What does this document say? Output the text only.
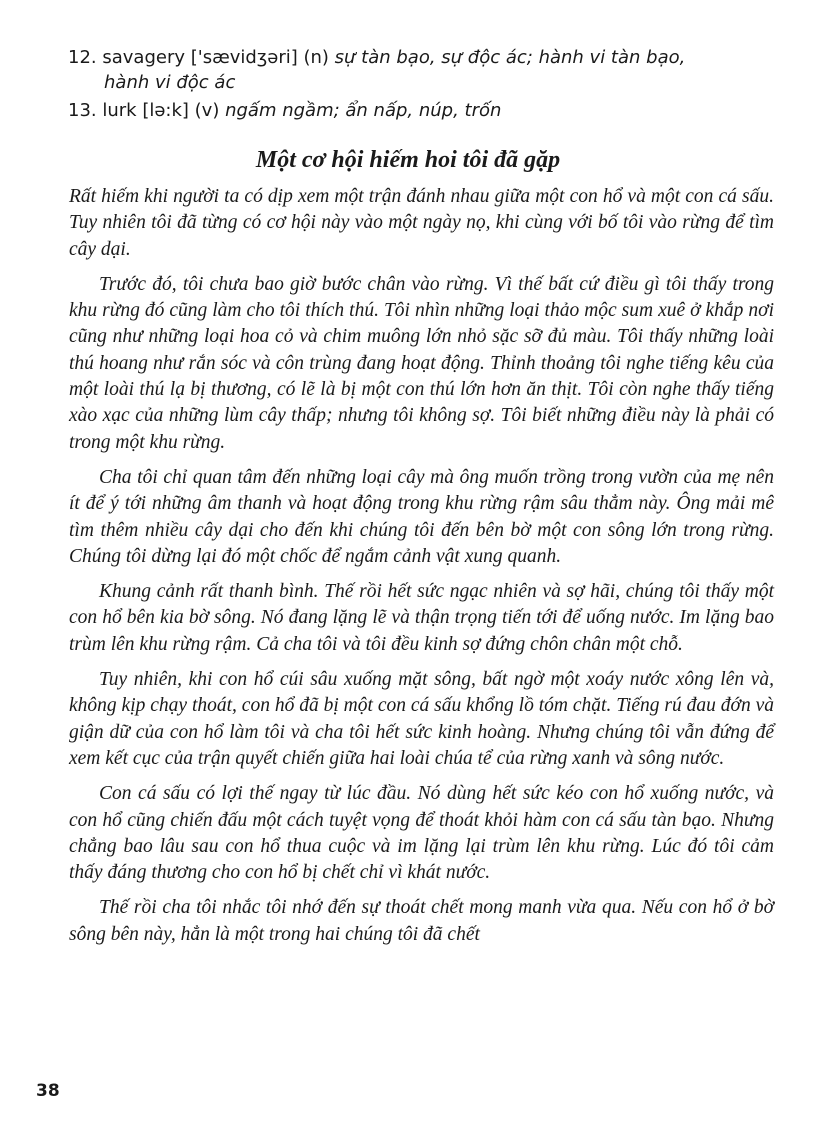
12. savagery ['sævidʒəri] (n) sự tàn bạo, sự độc ác; hành vi tàn bạo,
hành vi độc ác
13. lurk [lə:k] (v) ngấm ngầm; ẩn nấp, núp, trốn
Một cơ hội hiếm hoi tôi đã gặp

Rất hiếm khi người ta có dịp xem một trận đánh nhau giữa một con hổ và một con cá sấu. Tuy nhiên tôi đã từng có cơ hội này vào một ngày nọ, khi cùng với bố tôi vào rừng để tìm cây dại.

Trước đó, tôi chưa bao giờ bước chân vào rừng. Vì thế bất cứ điều gì tôi thấy trong khu rừng đó cũng làm cho tôi thích thú. Tôi nhìn những loại thảo mộc sum xuê ở khắp nơi cũng như những loại hoa cỏ và chim muông lớn nhỏ sặc sỡ đủ màu. Tôi thấy những loài thú hoang như rắn sóc và côn trùng đang hoạt động. Thỉnh thoảng tôi nghe tiếng kêu của một loài thú lạ bị thương, có lẽ là bị một con thú lớn hơn ăn thịt. Tôi còn nghe thấy tiếng xào xạc của những lùm cây thấp; nhưng tôi không sợ. Tôi biết những điều này là phải có trong một khu rừng.

Cha tôi chỉ quan tâm đến những loại cây mà ông muốn trồng trong vườn của mẹ nên ít để ý tới những âm thanh và hoạt động trong khu rừng rậm sâu thẳm này. Ông mải mê tìm thêm nhiều cây dại cho đến khi chúng tôi đến bên bờ một con sông lớn trong rừng. Chúng tôi dừng lại đó một chốc để ngắm cảnh vật xung quanh.

Khung cảnh rất thanh bình. Thế rồi hết sức ngạc nhiên và sợ hãi, chúng tôi thấy một con hổ bên kia bờ sông. Nó đang lặng lẽ và thận trọng tiến tới để uống nước. Im lặng bao trùm lên khu rừng rậm. Cả cha tôi và tôi đều kinh sợ đứng chôn chân một chỗ.

Tuy nhiên, khi con hổ cúi sâu xuống mặt sông, bất ngờ một xoáy nước xông lên và, không kịp chạy thoát, con hổ đã bị một con cá sấu khổng lồ tóm chặt. Tiếng rú đau đớn và giận dữ của con hổ làm tôi và cha tôi hết sức kinh hoàng. Nhưng chúng tôi vẫn đứng để xem kết cục của trận quyết chiến giữa hai loài chúa tể của rừng xanh và sông nước.

Con cá sấu có lợi thế ngay từ lúc đầu. Nó dùng hết sức kéo con hổ xuống nước, và con hổ cũng chiến đấu một cách tuyệt vọng để thoát khỏi hàm con cá sấu tàn bạo. Nhưng chẳng bao lâu sau con hổ thua cuộc và im lặng lại trùm lên khu rừng. Lúc đó tôi cảm thấy đáng thương cho con hổ bị chết chỉ vì khát nước.

Thế rồi cha tôi nhắc tôi nhớ đến sự thoát chết mong manh vừa qua. Nếu con hổ ở bờ sông bên này, hẳn là một trong hai chúng tôi đã chết

38
